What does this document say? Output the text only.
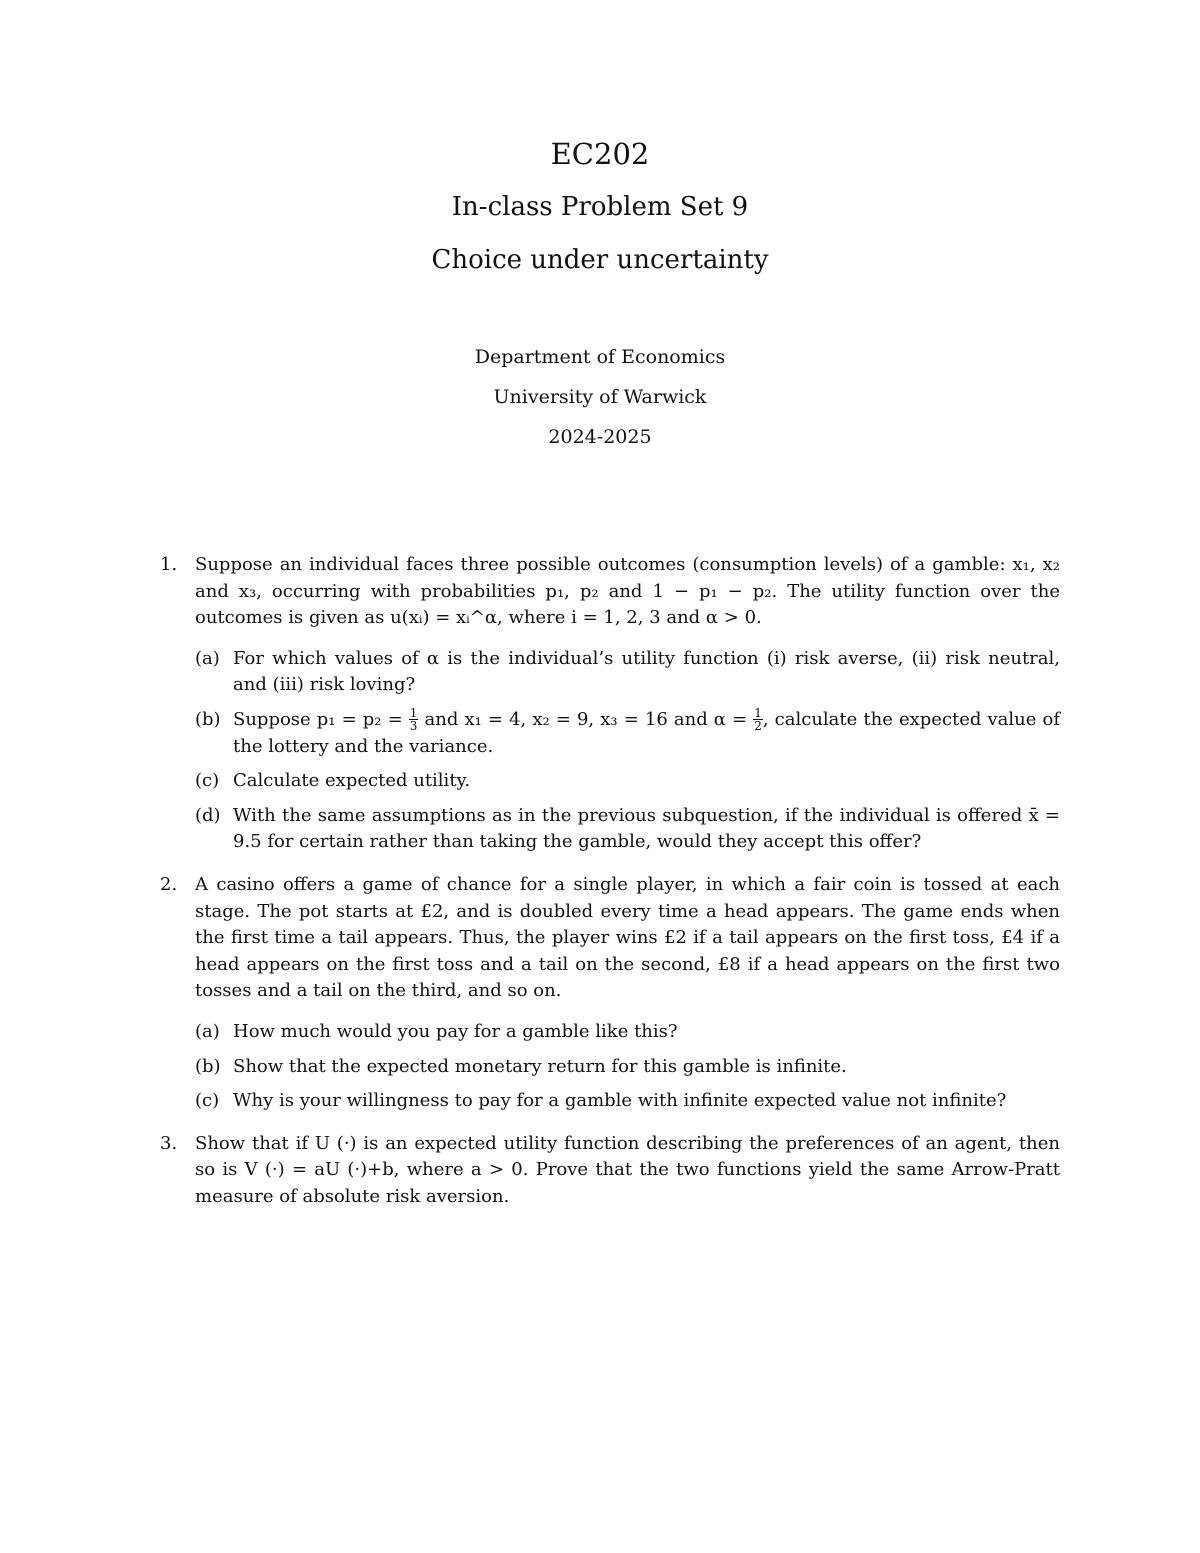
EC202
In-class Problem Set 9
Choice under uncertainty
Department of Economics
University of Warwick
2024-2025
1. Suppose an individual faces three possible outcomes (consumption levels) of a gamble: x₁, x₂ and x₃, occurring with probabilities p₁, p₂ and 1 − p₁ − p₂. The utility function over the outcomes is given as u(xᵢ) = xᵢ^α, where i = 1, 2, 3 and α > 0.
(a) For which values of α is the individual’s utility function (i) risk averse, (ii) risk neutral, and (iii) risk loving?
(b) Suppose $p_1 = p_2 = \frac{1}{3}$ and x₁ = 4, x₂ = 9, x₃ = 16 and $\alpha = \frac{1}{2}$ , calculate the expected value of the lottery and the variance.
(c) Calculate expected utility.
(d) With the same assumptions as in the previous subquestion, if the individual is offered x̄ = 9.5 for certain rather than taking the gamble, would they accept this offer?
2. A casino offers a game of chance for a single player, in which a fair coin is tossed at each stage. The pot starts at £2, and is doubled every time a head appears. The game ends when the first time a tail appears. Thus, the player wins £2 if a tail appears on the first toss, £4 if a head appears on the first toss and a tail on the second, £8 if a head appears on the first two tosses and a tail on the third, and so on.
(a) How much would you pay for a gamble like this?
(b) Show that the expected monetary return for this gamble is infinite.
(c) Why is your willingness to pay for a gamble with infinite expected value not infinite?
3. Show that if U (·) is an expected utility function describing the preferences of an agent, then so is V (·) = aU (·)+b, where a > 0. Prove that the two functions yield the same Arrow-Pratt measure of absolute risk aversion.
